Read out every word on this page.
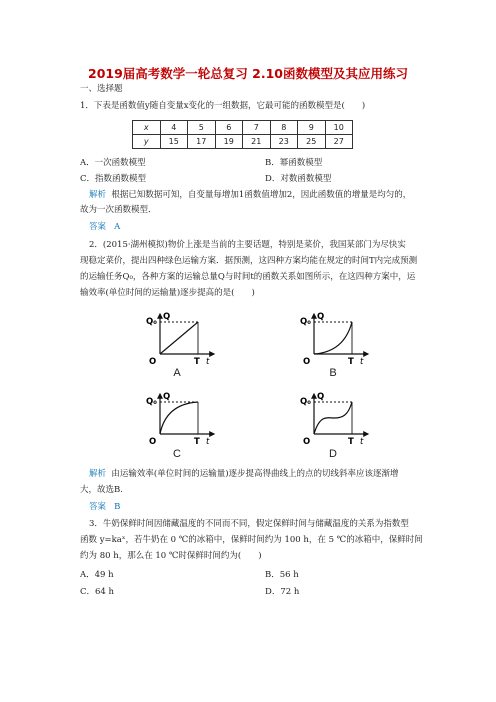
2019届高考数学一轮总复习 2.10函数模型及其应用练习
一、选择题
1．下表是函数值y随自变量x变化的一组数据，它最可能的函数模型是(　　)
x	4	5	6	7	8	9	10
y	15	17	19	21	23	25	27
A．一次函数模型	B．幂函数模型
C．指数函数模型	D．对数函数模型
解析 根据已知数据可知，自变量每增加1函数值增加2，因此函数值的增量是均匀的，
故为一次函数模型．
答案 A
2．(2015·湖州模拟)物价上涨是当前的主要话题，特别是菜价，我国某部门为尽快实
现稳定菜价，提出四种绿色运输方案．据预测，这四种方案均能在规定的时间T内完成预测
的运输任务Q₀，各种方案的运输总量Q与时间t的函数关系如图所示，在这四种方案中，运
输效率(单位时间的运输量)逐步提高的是(　　)
Q₀ Q
O	T t
A
Q₀ Q
O	T t
B
Q₀ Q
O	T t
C
Q₀ Q
O	T t
D
解析 由运输效率(单位时间的运输量)逐步提高得曲线上的点的切线斜率应该逐渐增
大，故选B.
答案 B
3．牛奶保鲜时间因储藏温度的不同而不同，假定保鲜时间与储藏温度的关系为指数型
函数 y=kaˣ，若牛奶在 0 ℃的冰箱中，保鲜时间约为 100 h，在 5 ℃的冰箱中，保鲜时间
约为 80 h，那么在 10 ℃时保鲜时间约为(　　)
A．49 h	B．56 h
C．64 h	D．72 h
